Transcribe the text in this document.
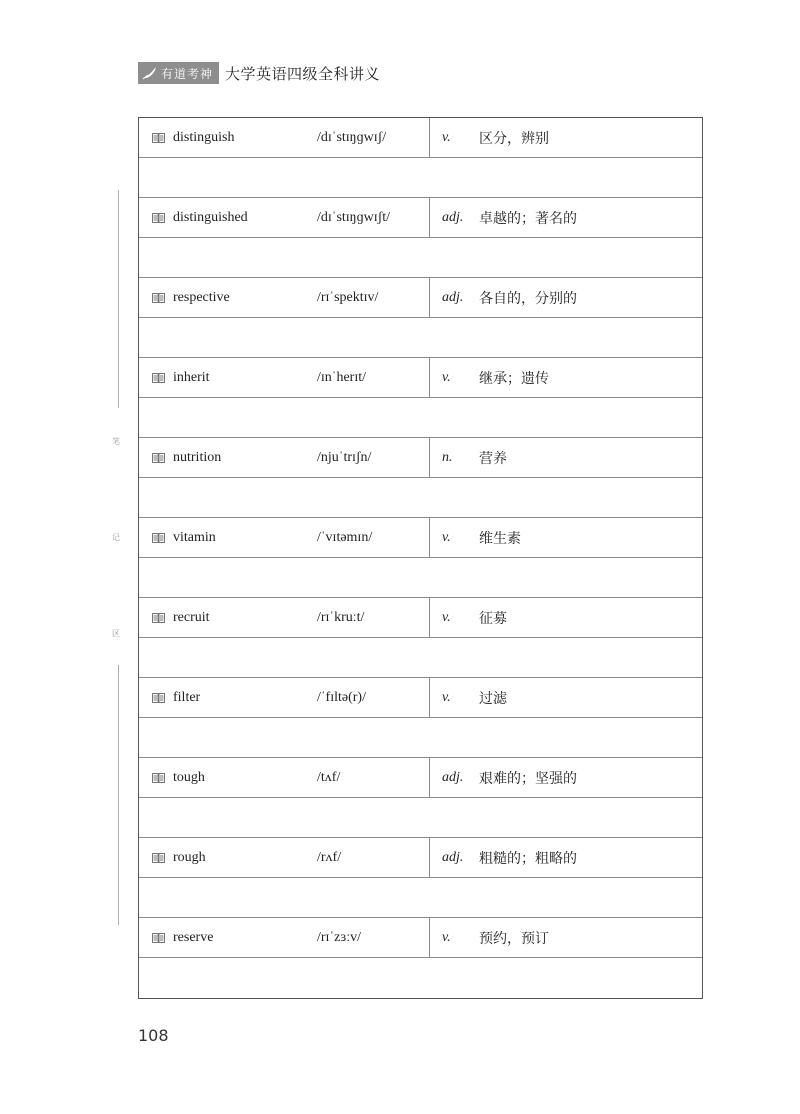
有道考神 大学英语四级全科讲义
笔
记
区
distinguish	/dɪˈstɪŋɡwɪʃ/	v.	区分，辨别
distinguished	/dɪˈstɪŋɡwɪʃt/	adj.	卓越的；著名的
respective	/rɪˈspektɪv/	adj.	各自的，分别的
inherit	/ɪnˈherɪt/	v.	继承；遗传
nutrition	/njuˈtrɪʃn/	n.	营养
vitamin	/ˈvɪtəmɪn/	v.	维生素
recruit	/rɪˈkruːt/	v.	征募
filter	/ˈfɪltə(r)/	v.	过滤
tough	/tʌf/	adj.	艰难的；坚强的
rough	/rʌf/	adj.	粗糙的；粗略的
reserve	/rɪˈzɜːv/	v.	预约，预订
108
